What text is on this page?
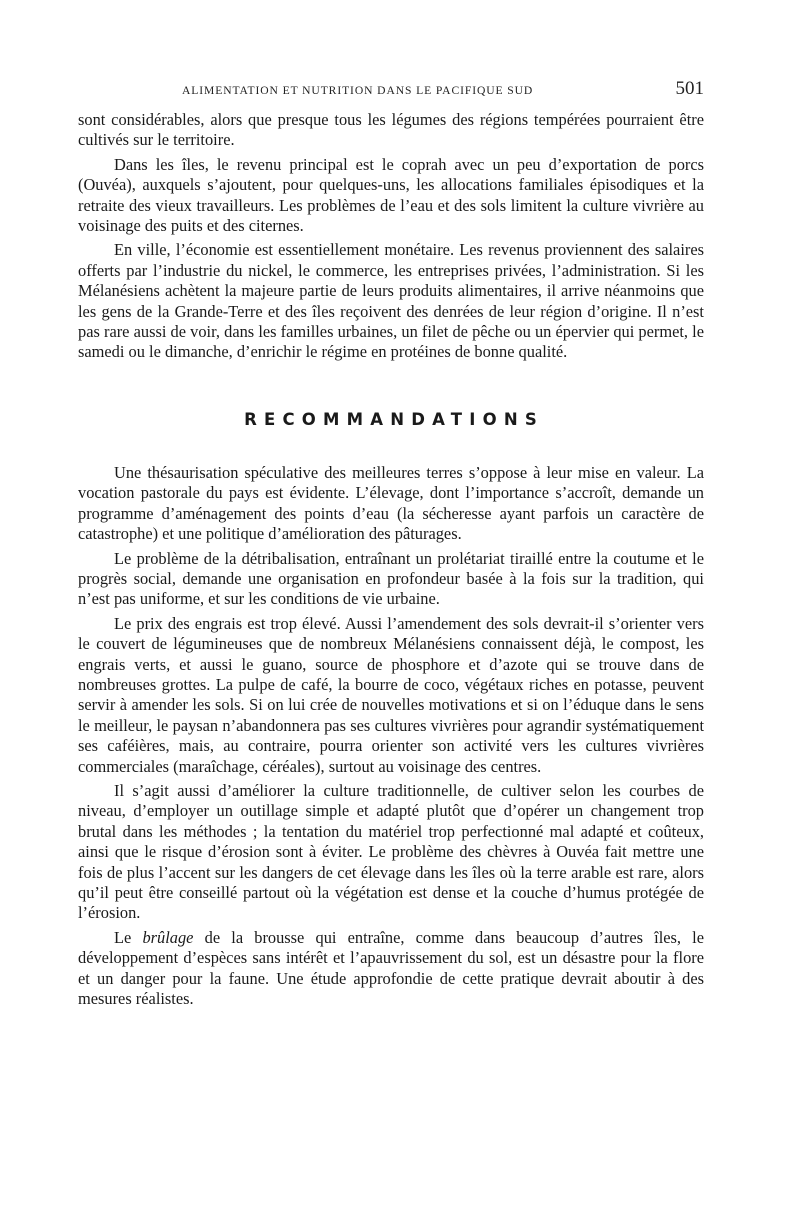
ALIMENTATION ET NUTRITION DANS LE PACIFIQUE SUD	501

sont considérables, alors que presque tous les légumes des régions tempérées pourraient être cultivés sur le territoire.

Dans les îles, le revenu principal est le coprah avec un peu d’exportation de porcs (Ouvéa), auxquels s’ajoutent, pour quelques-uns, les allocations familiales épisodiques et la retraite des vieux travailleurs. Les problèmes de l’eau et des sols limitent la culture vivrière au voisinage des puits et des citernes.

En ville, l’économie est essentiellement monétaire. Les revenus proviennent des salaires offerts par l’industrie du nickel, le commerce, les entreprises privées, l’administration. Si les Mélanésiens achètent la majeure partie de leurs produits alimentaires, il arrive néanmoins que les gens de la Grande-Terre et des îles reçoivent des denrées de leur région d’origine. Il n’est pas rare aussi de voir, dans les familles urbaines, un filet de pêche ou un épervier qui permet, le samedi ou le dimanche, d’enrichir le régime en protéines de bonne qualité.

RECOMMANDATIONS

Une thésaurisation spéculative des meilleures terres s’oppose à leur mise en valeur. La vocation pastorale du pays est évidente. L’élevage, dont l’importance s’accroît, demande un programme d’aménagement des points d’eau (la sécheresse ayant parfois un caractère de catastrophe) et une politique d’amélioration des pâturages.

Le problème de la détribalisation, entraînant un prolétariat tiraillé entre la coutume et le progrès social, demande une organisation en profondeur basée à la fois sur la tradition, qui n’est pas uniforme, et sur les conditions de vie urbaine.

Le prix des engrais est trop élevé. Aussi l’amendement des sols devrait-il s’orienter vers le couvert de légumineuses que de nombreux Mélanésiens connaissent déjà, le compost, les engrais verts, et aussi le guano, source de phosphore et d’azote qui se trouve dans de nombreuses grottes. La pulpe de café, la bourre de coco, végétaux riches en potasse, peuvent servir à amender les sols. Si on lui crée de nouvelles motivations et si on l’éduque dans le sens le meilleur, le paysan n’abandonnera pas ses cultures vivrières pour agrandir systématiquement ses caféières, mais, au contraire, pourra orienter son activité vers les cultures vivrières commerciales (maraîchage, céréales), surtout au voisinage des centres.

Il s’agit aussi d’améliorer la culture traditionnelle, de cultiver selon les courbes de niveau, d’employer un outillage simple et adapté plutôt que d’opérer un changement trop brutal dans les méthodes ; la tentation du matériel trop perfectionné mal adapté et coûteux, ainsi que le risque d’érosion sont à éviter. Le problème des chèvres à Ouvéa fait mettre une fois de plus l’accent sur les dangers de cet élevage dans les îles où la terre arable est rare, alors qu’il peut être conseillé partout où la végétation est dense et la couche d’humus protégée de l’érosion.

Le brûlage de la brousse qui entraîne, comme dans beaucoup d’autres îles, le développement d’espèces sans intérêt et l’apauvrissement du sol, est un désastre pour la flore et un danger pour la faune. Une étude approfondie de cette pratique devrait aboutir à des mesures réalistes.
